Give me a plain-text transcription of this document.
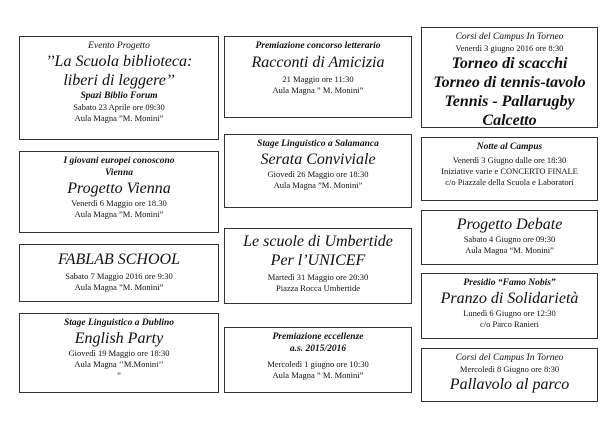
Evento Progetto
’’La Scuola biblioteca:
liberi di leggere’’
Spazi Biblio Forum
Sabato 23 Aprile ore 09:30
Aula Magna ”M. Monini”
I giovani europei conoscono
Vienna
Progetto Vienna
Venerdì 6 Maggio ore 18.30
Aula Magna ”M. Monini”
FABLAB SCHOOL
Sabato 7 Maggio 2016 ore 9:30
Aula Magna ”M. Monini”
Stage Linguistico a Dublino
English Party
Giovedì 19 Maggio ore 18:30
Aula Magna ’’M.Monini’’
”
Premiazione concorso letterario
Racconti di Amicizia
21 Maggio ore 11:30
Aula Magna ” M. Monini”
Stage Linguistico a Salamanca
Serata Conviviale
Giovedì 26 Maggio ore 18:30
Aula Magna ”M. Monini”
Le scuole di Umbertide
Per l’UNICEF
Martedì 31 Maggio ore 20:30
Piazza Rocca Umbertide
Premiazione eccellenze
a.s. 2015/2016
Mercoledì 1 giugno ore 10:30
Aula Magna ” M. Monini”
Corsi del Campus In Torneo
Venerdì 3 giugno 2016 ore 8:30
Torneo di scacchi
Torneo di tennis-tavolo
Tennis - Pallarugby
Calcetto
Notte al Campus
Venerdì 3 Giugno dalle ore 18:30
Iniziative varie e CONCERTO FINALE
c/o Piazzale della Scuola e Laboratori
Progetto Debate
Sabato 4 Giugno ore 09:30
Aula Magna “M. Monini”
Presidio “Famo Nobis”
Pranzo di Solidarietà
Lunedì 6 Giugno ore 12:30
c/o Parco Ranieri
Corsi del Campus In Torneo
Mercoledì 8 Giugno ore 8:30
Pallavolo al parco
